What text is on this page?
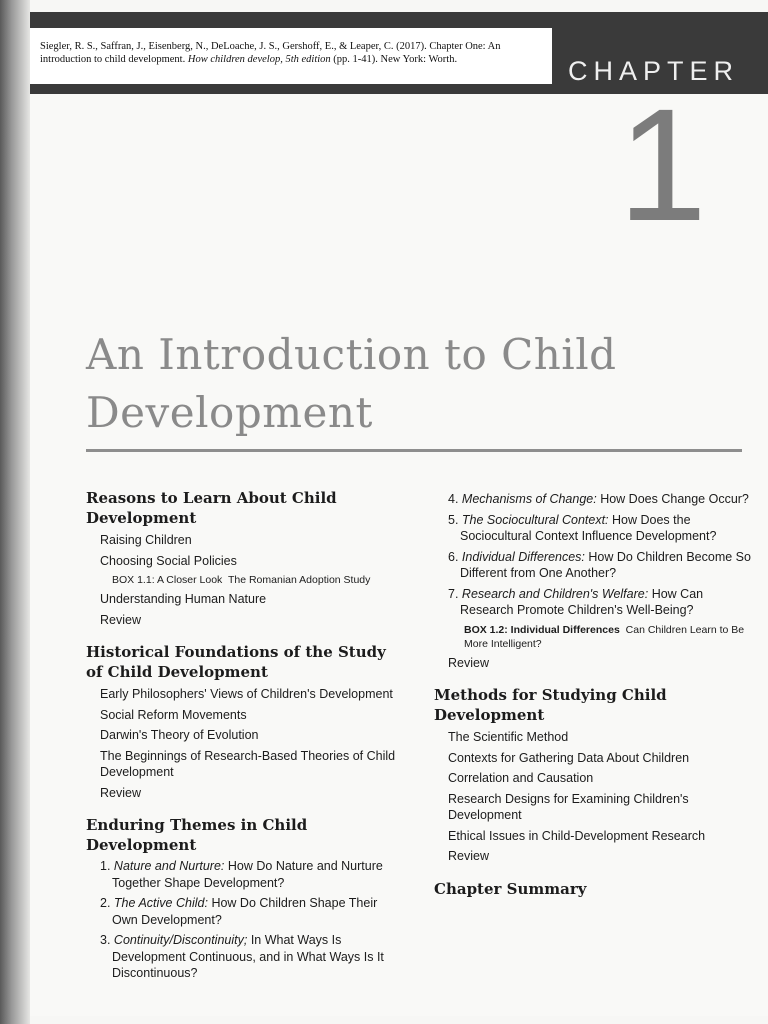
Siegler, R. S., Saffran, J., Eisenberg, N., DeLoache, J. S., Gershoff, E., & Leaper, C. (2017). Chapter One: An introduction to child development. How children develop, 5th edition (pp. 1-41). New York: Worth.	CHAPTER
1
An Introduction to Child
Development
Reasons to Learn About Child
Development
Raising Children
Choosing Social Policies
BOX 1.1: A Closer Look The Romanian Adoption Study
Understanding Human Nature
Review
Historical Foundations of the Study
of Child Development
Early Philosophers' Views of Children's Development
Social Reform Movements
Darwin's Theory of Evolution
The Beginnings of Research-Based Theories of Child Development
Review
Enduring Themes in Child Development
1. Nature and Nurture: How Do Nature and Nurture Together Shape Development?
2. The Active Child: How Do Children Shape Their Own Development?
3. Continuity/Discontinuity; In What Ways Is Development Continuous, and in What Ways Is It Discontinuous?
4. Mechanisms of Change: How Does Change Occur?
5. The Sociocultural Context: How Does the Sociocultural Context Influence Development?
6. Individual Differences: How Do Children Become So Different from One Another?
7. Research and Children's Welfare: How Can Research Promote Children's Well-Being?
BOX 1.2: Individual Differences Can Children Learn to Be More Intelligent?
Review
Methods for Studying Child
Development
The Scientific Method
Contexts for Gathering Data About Children
Correlation and Causation
Research Designs for Examining Children's Development
Ethical Issues in Child-Development Research
Review
Chapter Summary
